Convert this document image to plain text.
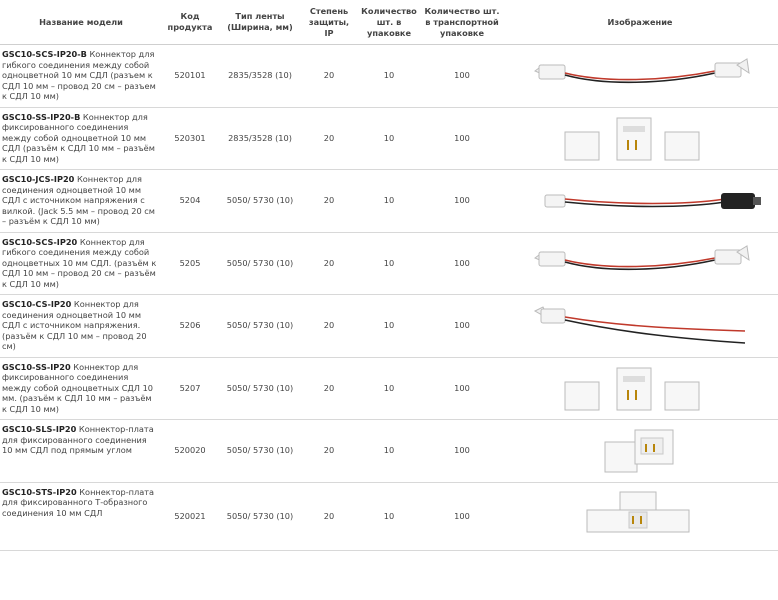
Название модели	Код продукта	Тип ленты (Ширина, мм)	Степень защиты, IP	Количество шт. в упаковке	Количество шт. в транспортной упаковке	Изображение
GSC10-SCS-IP20-B Коннектор для гибкого соединения между собой одноцветной 10 мм СДЛ (разъем к СДЛ 10 мм – провод 20 см – разъем к СДЛ 10 мм)	520101	2835/3528 (10)	20	10	100	

GSC10-SS-IP20-B Коннектор для фиксированного соединения между собой одноцветной 10 мм СДЛ (разъём к СДЛ 10 мм – разъём к СДЛ 10 мм)	520301	2835/3528 (10)	20	10	100	

GSC10-JCS-IP20 Коннектор для соединения одноцветной 10 мм СДЛ с источником напряжения с вилкой. (Jack 5.5 мм – провод 20 см – разъём к СДЛ 10 мм)	5204	5050/ 5730 (10)	20	10	100	

GSC10-SCS-IP20 Коннектор для гибкого соединения между собой одноцветных 10 мм СДЛ. (разъём к СДЛ 10 мм – провод 20 см – разъём к СДЛ 10 мм)	5205	5050/ 5730 (10)	20	10	100	

GSC10-CS-IP20 Коннектор для соединения одноцветной 10 мм СДЛ с источником напряжения. (разъём к СДЛ 10 мм – провод 20 см)	5206	5050/ 5730 (10)	20	10	100	

GSC10-SS-IP20 Коннектор для фиксированного соединения между собой одноцветных СДЛ 10 мм. (разъём к СДЛ 10 мм – разъём к СДЛ 10 мм)	5207	5050/ 5730 (10)	20	10	100	

GSC10-SLS-IP20 Коннектор-плата для фиксированного соединения 10 мм СДЛ под прямым углом	520020	5050/ 5730 (10)	20	10	100	

GSC10-STS-IP20 Коннектор-плата для фиксированного Т-образного соединения 10 мм СДЛ	520021	5050/ 5730 (10)	20	10	100	
